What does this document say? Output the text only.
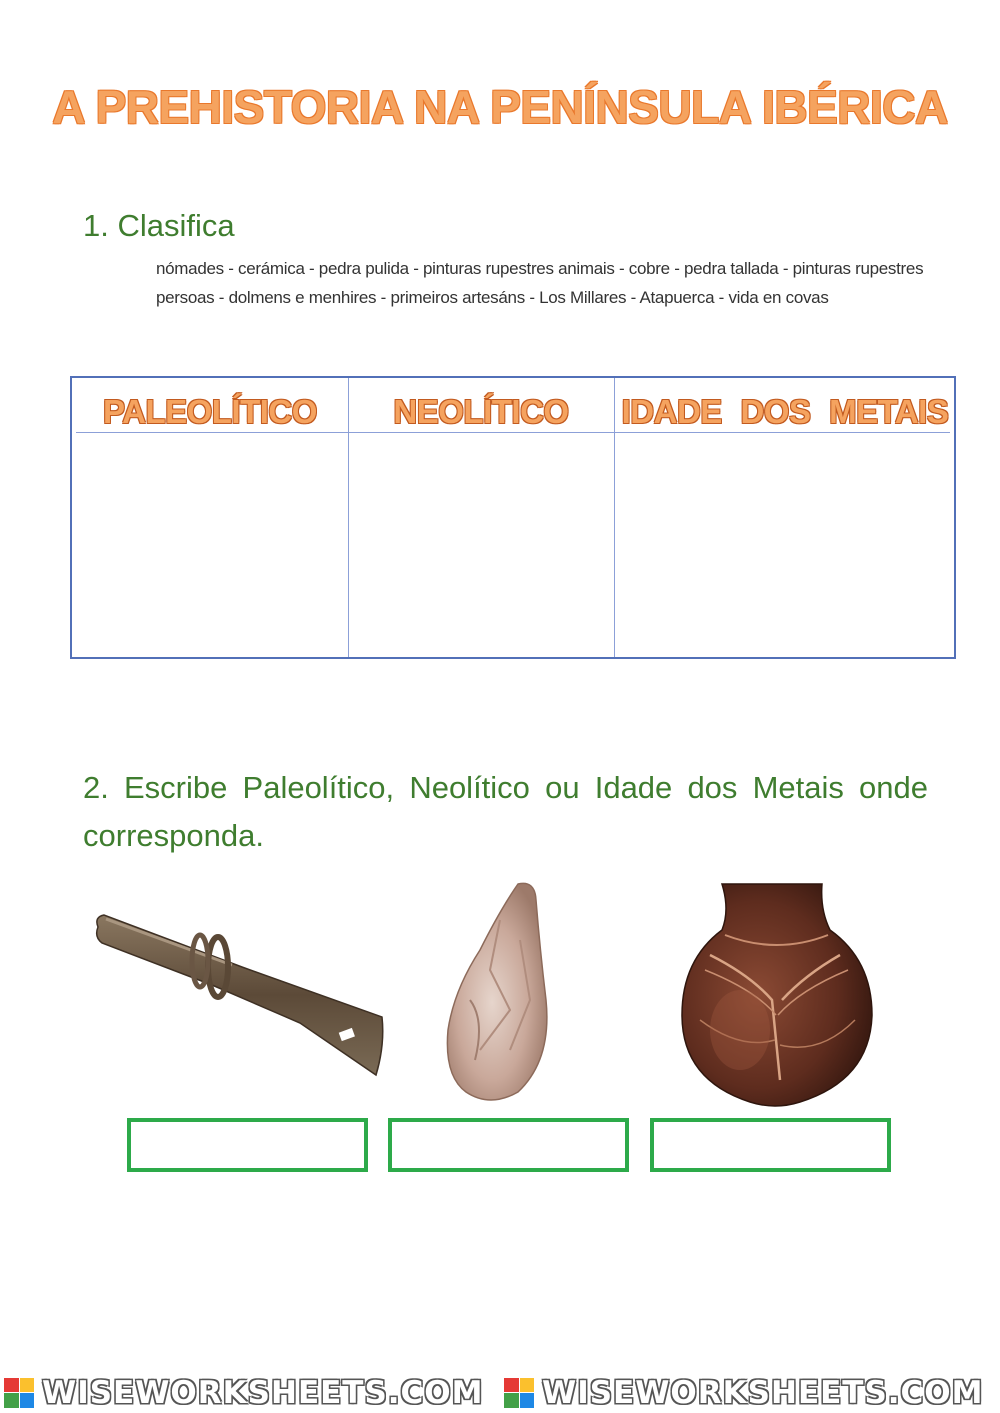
A PREHISTORIA NA PENÍNSULA IBÉRICA
1. Clasifica

nómades - cerámica - pedra pulida - pinturas rupestres animais - cobre - pedra tallada - pinturas rupestres persoas - dolmens e menhires - primeiros artesáns - Los Millares - Atapuerca - vida en covas

PALEOLÍTICO	NEOLÍTICO	IDADE DOS METAIS
2. Escribe Paleolítico, Neolítico ou Idade dos Metais onde corresponda.
WISEWORKSHEETS.COM WISEWORKSHEETS.COM
